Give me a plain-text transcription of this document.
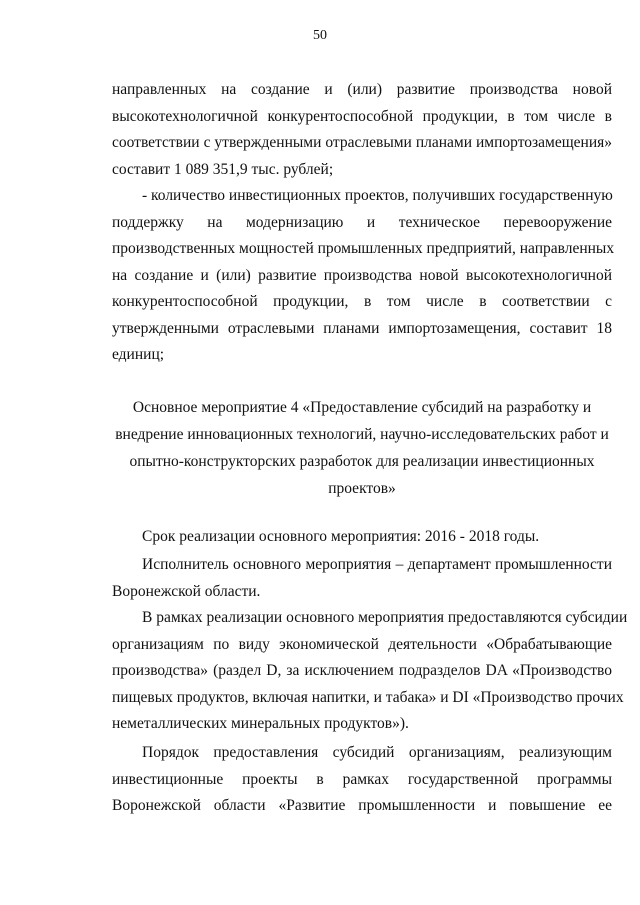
50
направленных на создание и (или) развитие производства новой
высокотехнологичной конкурентоспособной продукции, в том числе в
соответствии с утвержденными отраслевыми планами импортозамещения»
составит 1 089 351,9 тыс. рублей;
- количество инвестиционных проектов, получивших государственную
поддержку на модернизацию и техническое перевооружение
производственных мощностей промышленных предприятий, направленных
на создание и (или) развитие производства новой высокотехнологичной
конкурентоспособной продукции, в том числе в соответствии с
утвержденными отраслевыми планами импортозамещения, составит 18
единиц;
Основное мероприятие 4 «Предоставление субсидий на разработку и
внедрение инновационных технологий, научно-исследовательских работ и
опытно-конструкторских разработок для реализации инвестиционных
проектов»
Срок реализации основного мероприятия: 2016 - 2018 годы.
Исполнитель основного мероприятия – департамент промышленности
Воронежской области.
В рамках реализации основного мероприятия предоставляются субсидии
организациям по виду экономической деятельности «Обрабатывающие
производства» (раздел D, за исключением подразделов DA «Производство
пищевых продуктов, включая напитки, и табака» и DI «Производство прочих
неметаллических минеральных продуктов»).
Порядок предоставления субсидий организациям, реализующим
инвестиционные проекты в рамках государственной программы
Воронежской области «Развитие промышленности и повышение ее
